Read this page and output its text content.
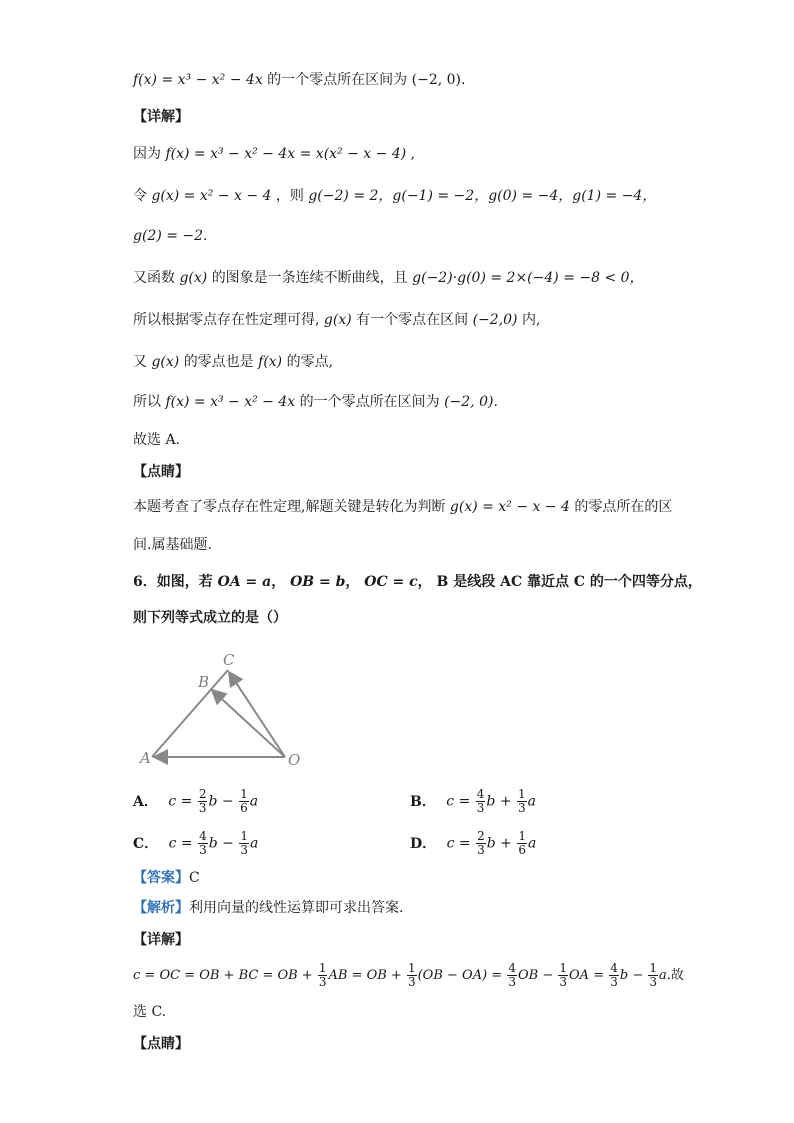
f(x) = x³ − x² − 4x 的一个零点所在区间为 (−2, 0).
【详解】
因为 f(x) = x³ − x² − 4x = x(x² − x − 4) ,
令 g(x) = x² − x − 4 ，则 g(−2) = 2，g(−1) = −2，g(0) = −4，g(1) = −4，
g(2) = −2.
又函数 g(x) 的图象是一条连续不断曲线，且 g(−2)·g(0) = 2×(−4) = −8 < 0，
所以根据零点存在性定理可得, g(x) 有一个零点在区间 (−2,0) 内,
又 g(x) 的零点也是 f(x) 的零点,
所以 f(x) = x³ − x² − 4x 的一个零点所在区间为 (−2, 0).
故选 A.
【点睛】
本题考查了零点存在性定理,解题关键是转化为判断 g(x) = x² − x − 4 的零点所在的区
间.属基础题.
6．如图，若 OA = a， OB = b， OC = c， B 是线段 AC 靠近点 C 的一个四等分点，
则下列等式成立的是（）
C
B
A	O
A． $c = \frac{2}{3}$ $b - \frac{1}{6}$ a	B． $c = \frac{4}{3}$ $b + \frac{1}{3}$ a
C． $c = \frac{4}{3}$ $b - \frac{1}{3}$ a	D． $c = \frac{2}{3}$ $b + \frac{1}{6}$ a
【答案】C
【解析】利用向量的线性运算即可求出答案.
【详解】
c = OC = OB + BC = OB + $\frac{1}{3}$ AB = OB + $\frac{1}{3} (OB - OA) = \frac{4}{3}$ OB − $\frac{1}{3}$ OA = $\frac{4}{3}$ $b - \frac{1}{3} a$.故
选 C.
【点睛】
